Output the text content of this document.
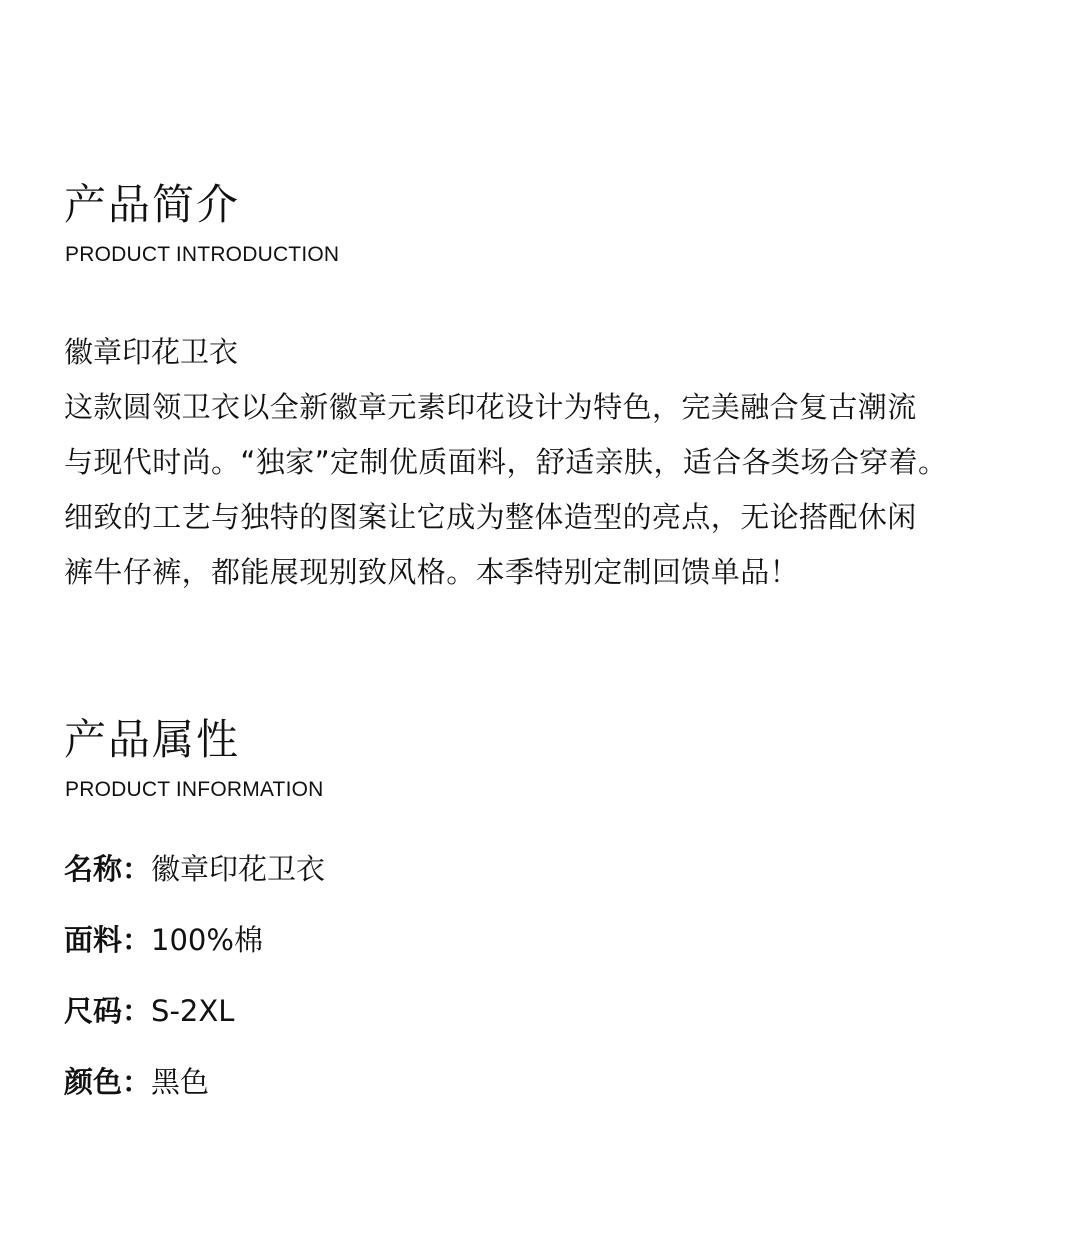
产品简介
PRODUCT INTRODUCTION
徽章印花卫衣
这款圆领卫衣以全新徽章元素印花设计为特色，完美融合复古潮流
与现代时尚。“独家”定制优质面料，舒适亲肤，适合各类场合穿着。
细致的工艺与独特的图案让它成为整体造型的亮点，无论搭配休闲
裤牛仔裤，都能展现别致风格。本季特别定制回馈单品！
产品属性
PRODUCT INFORMATION
名称：徽章印花卫衣
面料：100%棉
尺码：S-2XL
颜色：黑色
